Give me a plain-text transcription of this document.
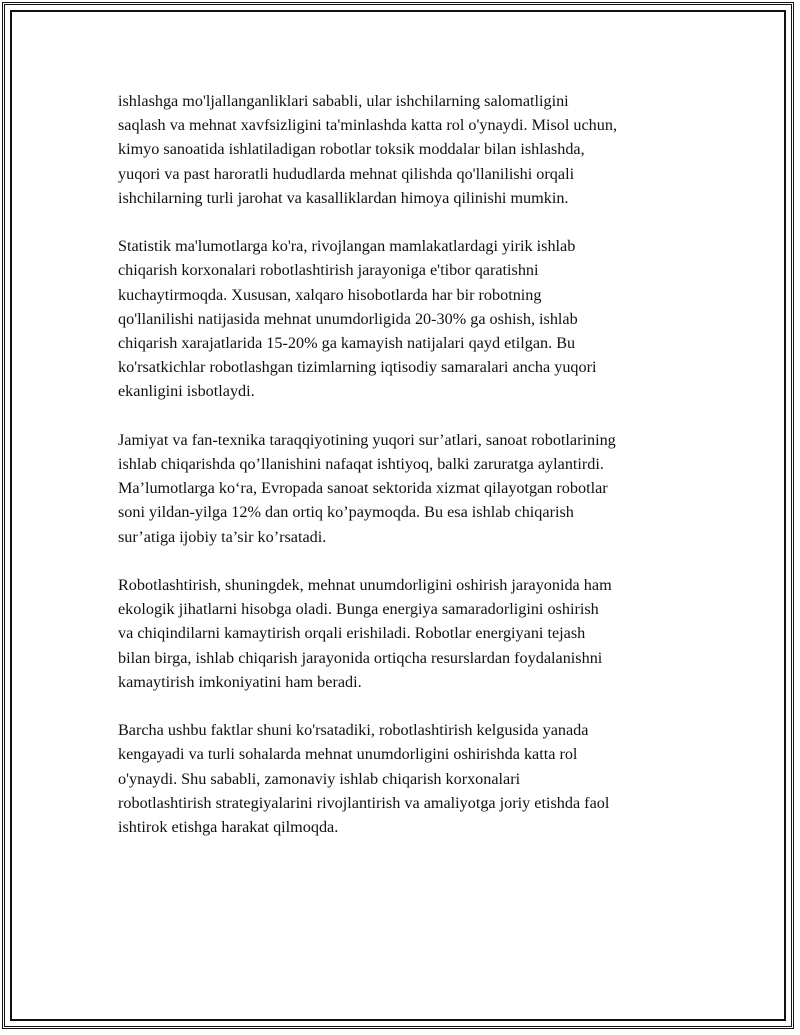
ishlashga mo'ljallanganliklari sababli, ular ishchilarning salomatligini
saqlash va mehnat xavfsizligini ta'minlashda katta rol o'ynaydi. Misol uchun,
kimyo sanoatida ishlatiladigan robotlar toksik moddalar bilan ishlashda,
yuqori va past haroratli hududlarda mehnat qilishda qo'llanilishi orqali
ishchilarning turli jarohat va kasalliklardan himoya qilinishi mumkin.

Statistik ma'lumotlarga ko'ra, rivojlangan mamlakatlardagi yirik ishlab
chiqarish korxonalari robotlashtirish jarayoniga e'tibor qaratishni
kuchaytirmoqda. Xususan, xalqaro hisobotlarda har bir robotning
qo'llanilishi natijasida mehnat unumdorligida 20-30% ga oshish, ishlab
chiqarish xarajatlarida 15-20% ga kamayish natijalari qayd etilgan. Bu
ko'rsatkichlar robotlashgan tizimlarning iqtisodiy samaralari ancha yuqori
ekanligini isbotlaydi.

Jamiyat va fan-texnika taraqqiyotining yuqori sur’atlari, sanoat robotlarining
ishlab chiqarishda qo’llanishini nafaqat ishtiyoq, balki zaruratga aylantirdi.
Ma’lumotlarga ko‘ra, Evropada sanoat sektorida xizmat qilayotgan robotlar
soni yildan-yilga 12% dan ortiq ko’paymoqda. Bu esa ishlab chiqarish
sur’atiga ijobiy ta’sir ko’rsatadi.

Robotlashtirish, shuningdek, mehnat unumdorligini oshirish jarayonida ham
ekologik jihatlarni hisobga oladi. Bunga energiya samaradorligini oshirish
va chiqindilarni kamaytirish orqali erishiladi. Robotlar energiyani tejash
bilan birga, ishlab chiqarish jarayonida ortiqcha resurslardan foydalanishni
kamaytirish imkoniyatini ham beradi.

Barcha ushbu faktlar shuni ko'rsatadiki, robotlashtirish kelgusida yanada
kengayadi va turli sohalarda mehnat unumdorligini oshirishda katta rol
o'ynaydi. Shu sababli, zamonaviy ishlab chiqarish korxonalari
robotlashtirish strategiyalarini rivojlantirish va amaliyotga joriy etishda faol
ishtirok etishga harakat qilmoqda.
